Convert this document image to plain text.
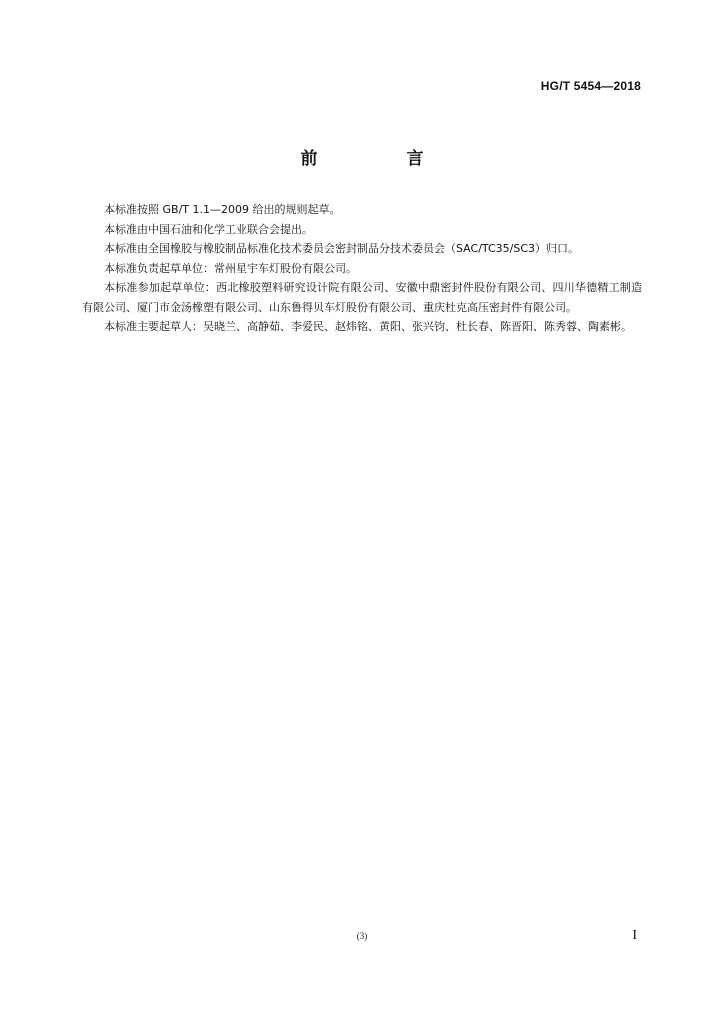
HG/T 5454—2018
前　言

本标准按照 GB/T 1.1—2009 给出的规则起草。

本标准由中国石油和化学工业联合会提出。

本标准由全国橡胶与橡胶制品标准化技术委员会密封制品分技术委员会（SAC/TC35/SC3）归口。

本标准负责起草单位：常州星宇车灯股份有限公司。

本标准参加起草单位：西北橡胶塑料研究设计院有限公司、安徽中鼎密封件股份有限公司、四川华德精工制造有限公司、厦门市金汤橡塑有限公司、山东鲁得贝车灯股份有限公司、重庆杜克高压密封件有限公司。

本标准主要起草人：吴晓兰、高静茹、李爱民、赵炜铭、黄阳、张兴钧、杜长春、陈晋阳、陈秀蓉、陶素彬。

(3)	I
